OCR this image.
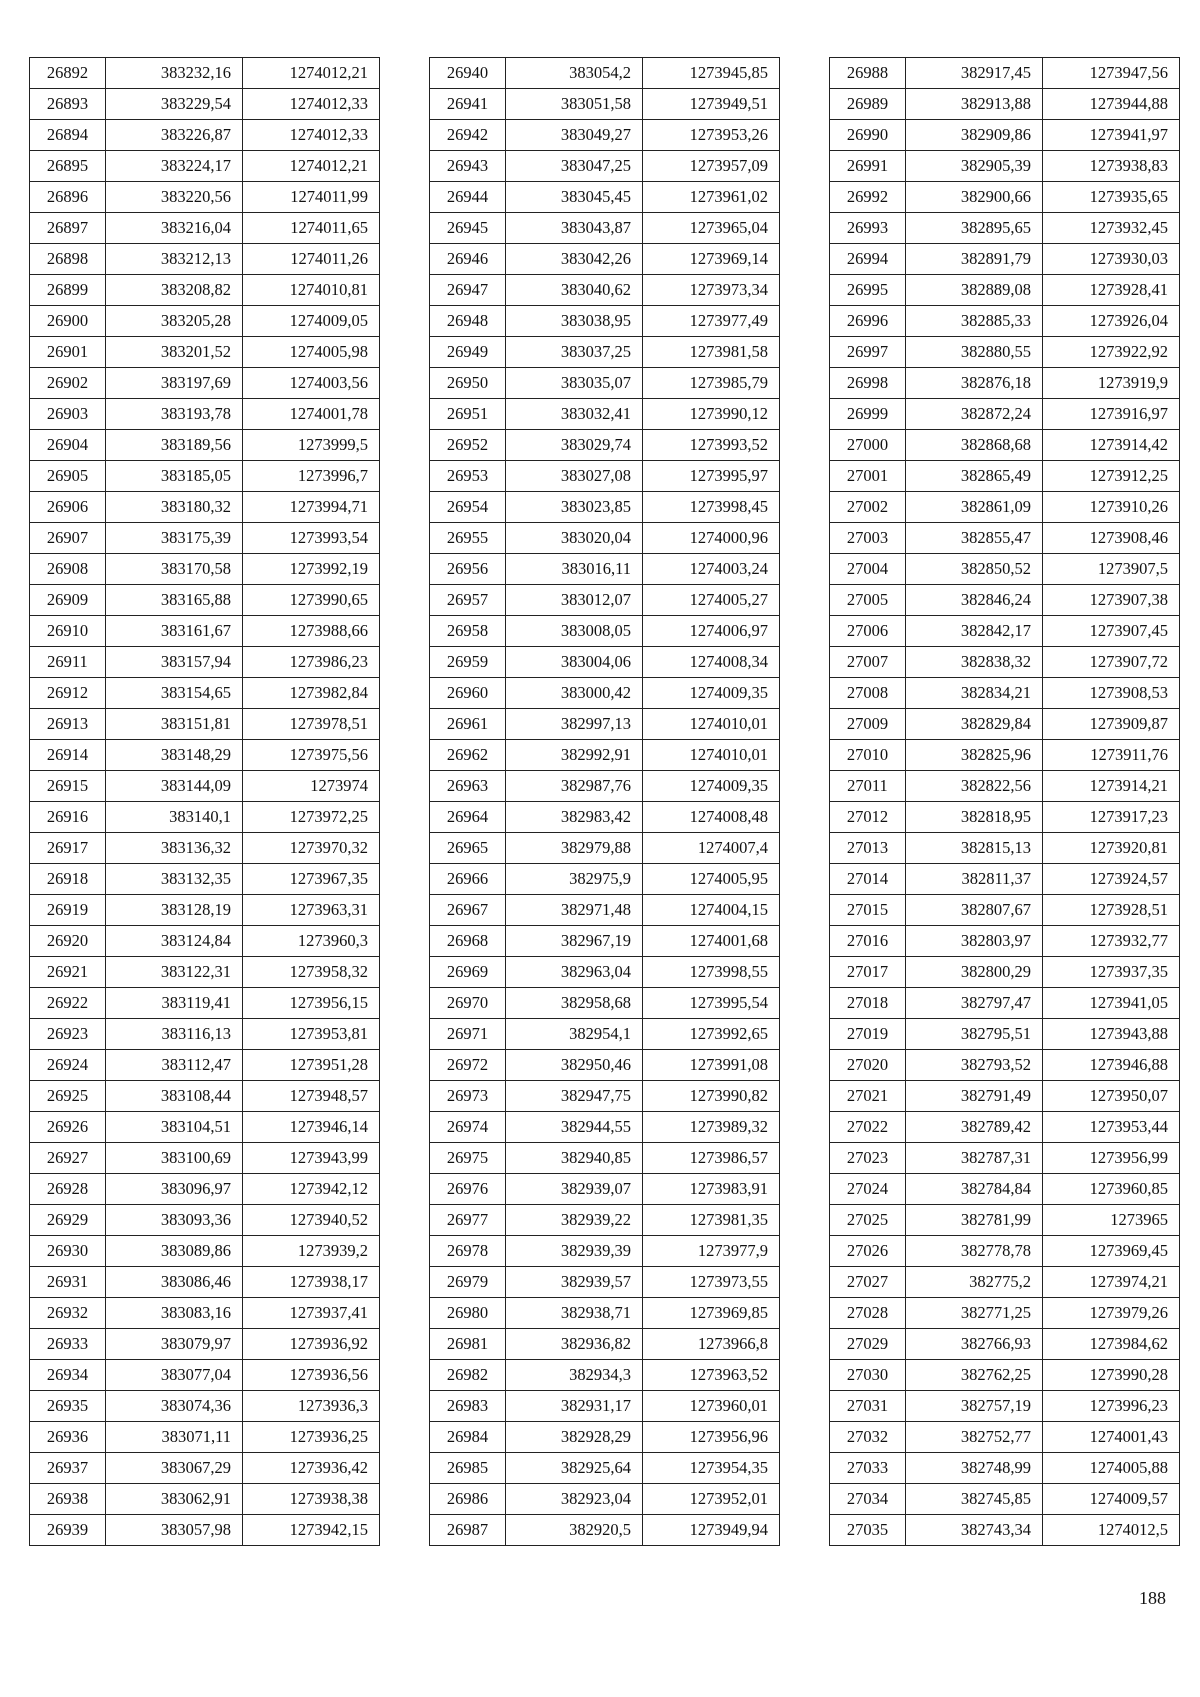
26892	383232,16	1274012,21
26893	383229,54	1274012,33
26894	383226,87	1274012,33
26895	383224,17	1274012,21
26896	383220,56	1274011,99
26897	383216,04	1274011,65
26898	383212,13	1274011,26
26899	383208,82	1274010,81
26900	383205,28	1274009,05
26901	383201,52	1274005,98
26902	383197,69	1274003,56
26903	383193,78	1274001,78
26904	383189,56	1273999,5
26905	383185,05	1273996,7
26906	383180,32	1273994,71
26907	383175,39	1273993,54
26908	383170,58	1273992,19
26909	383165,88	1273990,65
26910	383161,67	1273988,66
26911	383157,94	1273986,23
26912	383154,65	1273982,84
26913	383151,81	1273978,51
26914	383148,29	1273975,56
26915	383144,09	1273974
26916	383140,1	1273972,25
26917	383136,32	1273970,32
26918	383132,35	1273967,35
26919	383128,19	1273963,31
26920	383124,84	1273960,3
26921	383122,31	1273958,32
26922	383119,41	1273956,15
26923	383116,13	1273953,81
26924	383112,47	1273951,28
26925	383108,44	1273948,57
26926	383104,51	1273946,14
26927	383100,69	1273943,99
26928	383096,97	1273942,12
26929	383093,36	1273940,52
26930	383089,86	1273939,2
26931	383086,46	1273938,17
26932	383083,16	1273937,41
26933	383079,97	1273936,92
26934	383077,04	1273936,56
26935	383074,36	1273936,3
26936	383071,11	1273936,25
26937	383067,29	1273936,42
26938	383062,91	1273938,38
26939	383057,98	1273942,15
26940	383054,2	1273945,85
26941	383051,58	1273949,51
26942	383049,27	1273953,26
26943	383047,25	1273957,09
26944	383045,45	1273961,02
26945	383043,87	1273965,04
26946	383042,26	1273969,14
26947	383040,62	1273973,34
26948	383038,95	1273977,49
26949	383037,25	1273981,58
26950	383035,07	1273985,79
26951	383032,41	1273990,12
26952	383029,74	1273993,52
26953	383027,08	1273995,97
26954	383023,85	1273998,45
26955	383020,04	1274000,96
26956	383016,11	1274003,24
26957	383012,07	1274005,27
26958	383008,05	1274006,97
26959	383004,06	1274008,34
26960	383000,42	1274009,35
26961	382997,13	1274010,01
26962	382992,91	1274010,01
26963	382987,76	1274009,35
26964	382983,42	1274008,48
26965	382979,88	1274007,4
26966	382975,9	1274005,95
26967	382971,48	1274004,15
26968	382967,19	1274001,68
26969	382963,04	1273998,55
26970	382958,68	1273995,54
26971	382954,1	1273992,65
26972	382950,46	1273991,08
26973	382947,75	1273990,82
26974	382944,55	1273989,32
26975	382940,85	1273986,57
26976	382939,07	1273983,91
26977	382939,22	1273981,35
26978	382939,39	1273977,9
26979	382939,57	1273973,55
26980	382938,71	1273969,85
26981	382936,82	1273966,8
26982	382934,3	1273963,52
26983	382931,17	1273960,01
26984	382928,29	1273956,96
26985	382925,64	1273954,35
26986	382923,04	1273952,01
26987	382920,5	1273949,94
26988	382917,45	1273947,56
26989	382913,88	1273944,88
26990	382909,86	1273941,97
26991	382905,39	1273938,83
26992	382900,66	1273935,65
26993	382895,65	1273932,45
26994	382891,79	1273930,03
26995	382889,08	1273928,41
26996	382885,33	1273926,04
26997	382880,55	1273922,92
26998	382876,18	1273919,9
26999	382872,24	1273916,97
27000	382868,68	1273914,42
27001	382865,49	1273912,25
27002	382861,09	1273910,26
27003	382855,47	1273908,46
27004	382850,52	1273907,5
27005	382846,24	1273907,38
27006	382842,17	1273907,45
27007	382838,32	1273907,72
27008	382834,21	1273908,53
27009	382829,84	1273909,87
27010	382825,96	1273911,76
27011	382822,56	1273914,21
27012	382818,95	1273917,23
27013	382815,13	1273920,81
27014	382811,37	1273924,57
27015	382807,67	1273928,51
27016	382803,97	1273932,77
27017	382800,29	1273937,35
27018	382797,47	1273941,05
27019	382795,51	1273943,88
27020	382793,52	1273946,88
27021	382791,49	1273950,07
27022	382789,42	1273953,44
27023	382787,31	1273956,99
27024	382784,84	1273960,85
27025	382781,99	1273965
27026	382778,78	1273969,45
27027	382775,2	1273974,21
27028	382771,25	1273979,26
27029	382766,93	1273984,62
27030	382762,25	1273990,28
27031	382757,19	1273996,23
27032	382752,77	1274001,43
27033	382748,99	1274005,88
27034	382745,85	1274009,57
27035	382743,34	1274012,5
188
